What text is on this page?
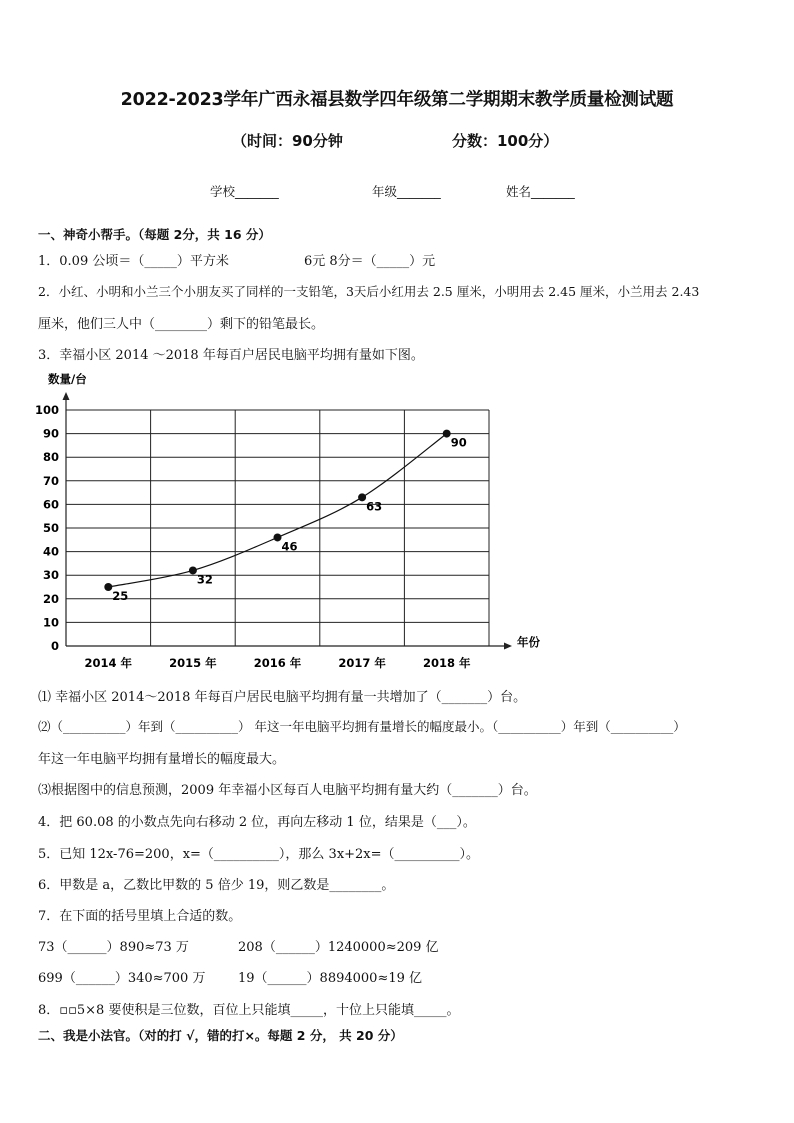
2022-2023学年广西永福县数学四年级第二学期期末教学质量检测试题
（时间：90分钟	分数：100分）
学校_______	年级_______	姓名_______
一、神奇小帮手。（每题 2分，共 16 分）
1．0.09 公顷＝（_____）平方米	6元 8分＝（_____）元
2．小红、小明和小兰三个小朋友买了同样的一支铅笔，3天后小红用去 2.5 厘米，小明用去 2.45 厘米，小兰用去 2.43
厘米，他们三人中（________）剩下的铅笔最长。
3．幸福小区 2014 ～2018 年每百户居民电脑平均拥有量如下图。
0
10
20
30
40
50
60
70
80
90
100
2014 年	2015 年	2016 年	2017 年	2018 年
25
32
46
63
90
数量/台
年份
⑴ 幸福小区 2014～2018 年每百户居民电脑平均拥有量一共增加了（_______）台。
⑵（__________）年到（__________） 年这一年电脑平均拥有量增长的幅度最小。（__________）年到（__________）
年这一年电脑平均拥有量增长的幅度最大。
⑶根据图中的信息预测，2009 年幸福小区每百人电脑平均拥有量大约（_______）台。
4．把 60.08 的小数点先向右移动 2 位，再向左移动 1 位，结果是（___）。
5．已知 12x-76=200，x=（__________），那么 3x+2x=（__________）。
6．甲数是 a，乙数比甲数的 5 倍少 19，则乙数是________。
7．在下面的括号里填上合适的数。
73（______）890≈73 万	208（______）1240000≈209 亿
699（______）340≈700 万	19（______）8894000≈19 亿
8．▫▫5×8 要使积是三位数，百位上只能填_____，十位上只能填_____。
二、我是小法官。（对的打 √，错的打×。每题 2 分， 共 20 分）
